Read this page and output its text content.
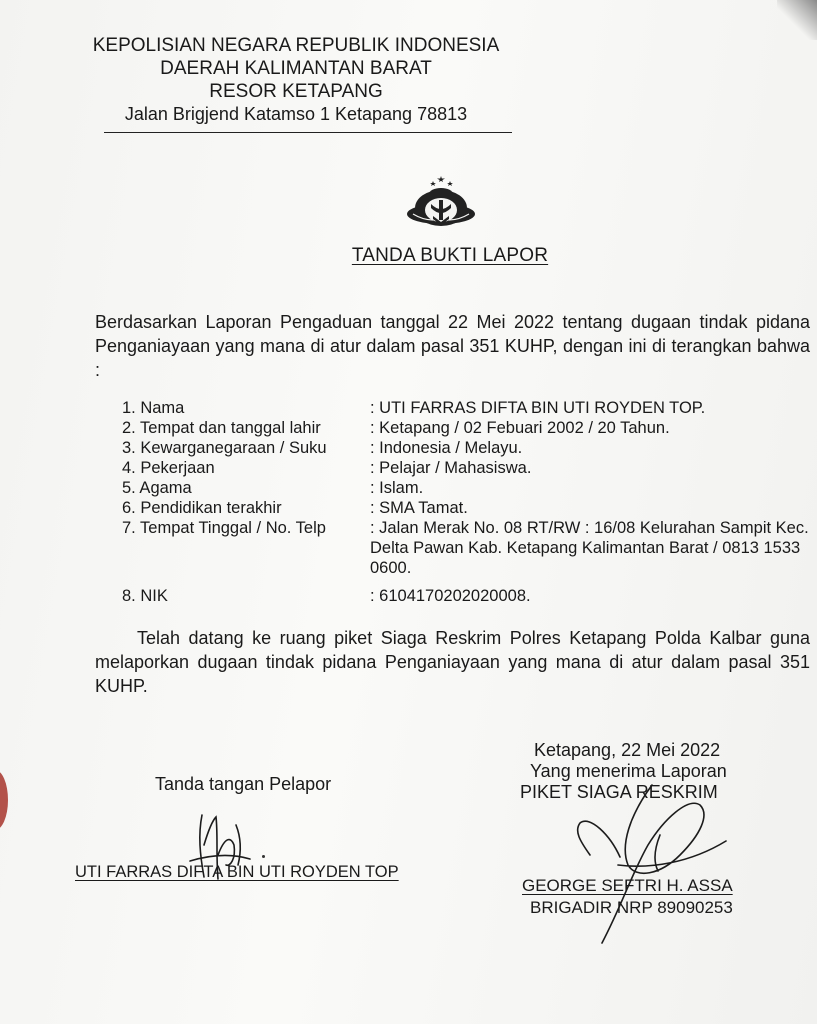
KEPOLISIAN NEGARA REPUBLIK INDONESIA
DAERAH KALIMANTAN BARAT
RESOR KETAPANG
Jalan Brigjend Katamso 1 Ketapang 78813
TANDA BUKTI LAPOR
Berdasarkan Laporan Pengaduan tanggal 22 Mei 2022 tentang dugaan tindak pidana Penganiayaan yang mana di atur dalam pasal 351 KUHP, dengan ini di terangkan bahwa :
1. Nama	: UTI FARRAS DIFTA BIN UTI ROYDEN TOP.
2. Tempat dan tanggal lahir	: Ketapang / 02 Febuari 2002 / 20 Tahun.
3. Kewarganegaraan / Suku	: Indonesia / Melayu.
4. Pekerjaan	: Pelajar / Mahasiswa.
5. Agama	: Islam.
6. Pendidikan terakhir	: SMA Tamat.
7. Tempat Tinggal / No. Telp	: Jalan Merak No. 08 RT/RW : 16/08 Kelurahan Sampit Kec. Delta Pawan Kab. Ketapang Kalimantan Barat / 0813 1533 0600.
8. NIK	: 6104170202020008.
Telah datang ke ruang piket Siaga Reskrim Polres Ketapang Polda Kalbar guna melaporkan dugaan tindak pidana Penganiayaan yang mana di atur dalam pasal 351 KUHP.
Tanda tangan Pelapor
UTI FARRAS DIFTA BIN UTI ROYDEN TOP
Ketapang, 22 Mei 2022
Yang menerima Laporan
PIKET SIAGA RESKRIM
GEORGE SEFTRI H. ASSA
BRIGADIR NRP 89090253
